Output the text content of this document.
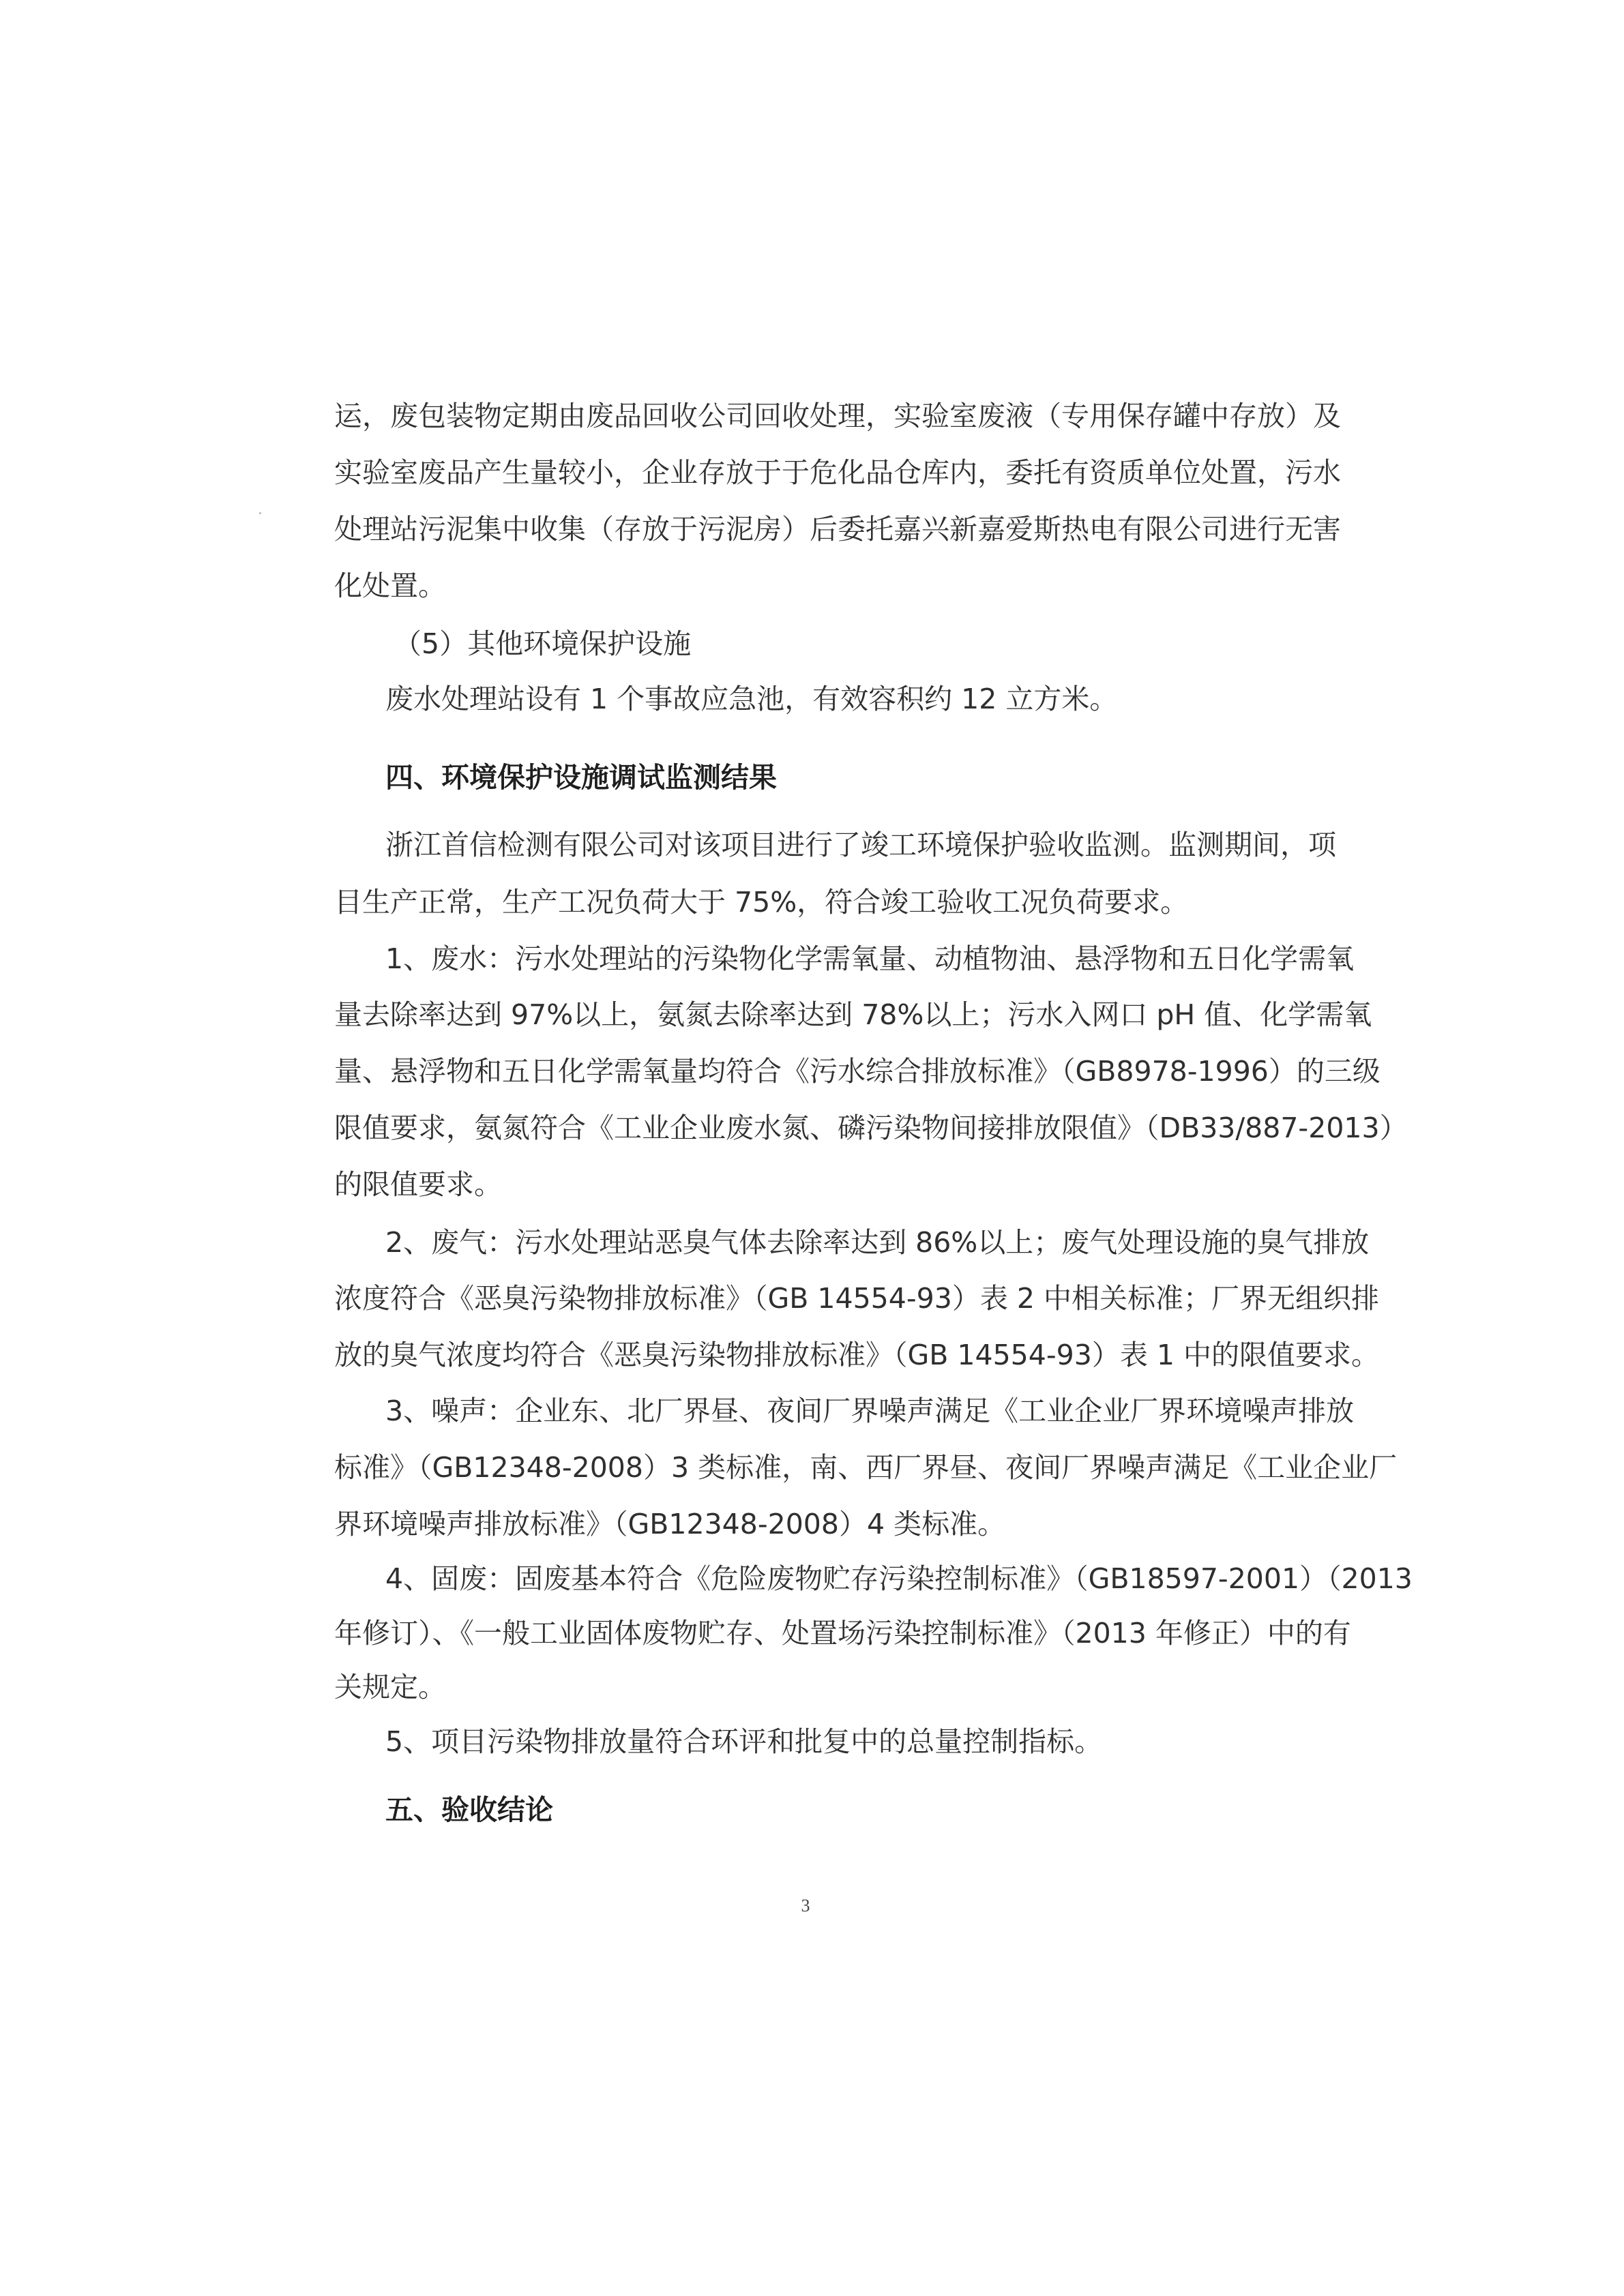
运，废包装物定期由废品回收公司回收处理，实验室废液（专用保存罐中存放）及
实验室废品产生量较小，企业存放于于危化品仓库内，委托有资质单位处置，污水
处理站污泥集中收集（存放于污泥房）后委托嘉兴新嘉爱斯热电有限公司进行无害
化处置。
（5）其他环境保护设施
废水处理站设有 1 个事故应急池，有效容积约 12 立方米。
四、环境保护设施调试监测结果
浙江首信检测有限公司对该项目进行了竣工环境保护验收监测。监测期间，项
目生产正常，生产工况负荷大于 75%，符合竣工验收工况负荷要求。
1、废水：污水处理站的污染物化学需氧量、动植物油、悬浮物和五日化学需氧
量去除率达到 97%以上，氨氮去除率达到 78%以上；污水入网口 pH 值、化学需氧
量、悬浮物和五日化学需氧量均符合《污水综合排放标准》（GB8978-1996）的三级
限值要求，氨氮符合《工业企业废水氮、磷污染物间接排放限值》（DB33/887-2013）
的限值要求。
2、废气：污水处理站恶臭气体去除率达到 86%以上；废气处理设施的臭气排放
浓度符合《恶臭污染物排放标准》（GB 14554-93）表 2 中相关标准；厂界无组织排
放的臭气浓度均符合《恶臭污染物排放标准》（GB 14554-93）表 1 中的限值要求。
3、噪声：企业东、北厂界昼、夜间厂界噪声满足《工业企业厂界环境噪声排放
标准》（GB12348-2008）3 类标准，南、西厂界昼、夜间厂界噪声满足《工业企业厂
界环境噪声排放标准》（GB12348-2008）4 类标准。
4、固废：固废基本符合《危险废物贮存污染控制标准》（GB18597-2001）（2013
年修订）、《一般工业固体废物贮存、处置场污染控制标准》（2013 年修正）中的有
关规定。
5、项目污染物排放量符合环评和批复中的总量控制指标。
五、验收结论
3
